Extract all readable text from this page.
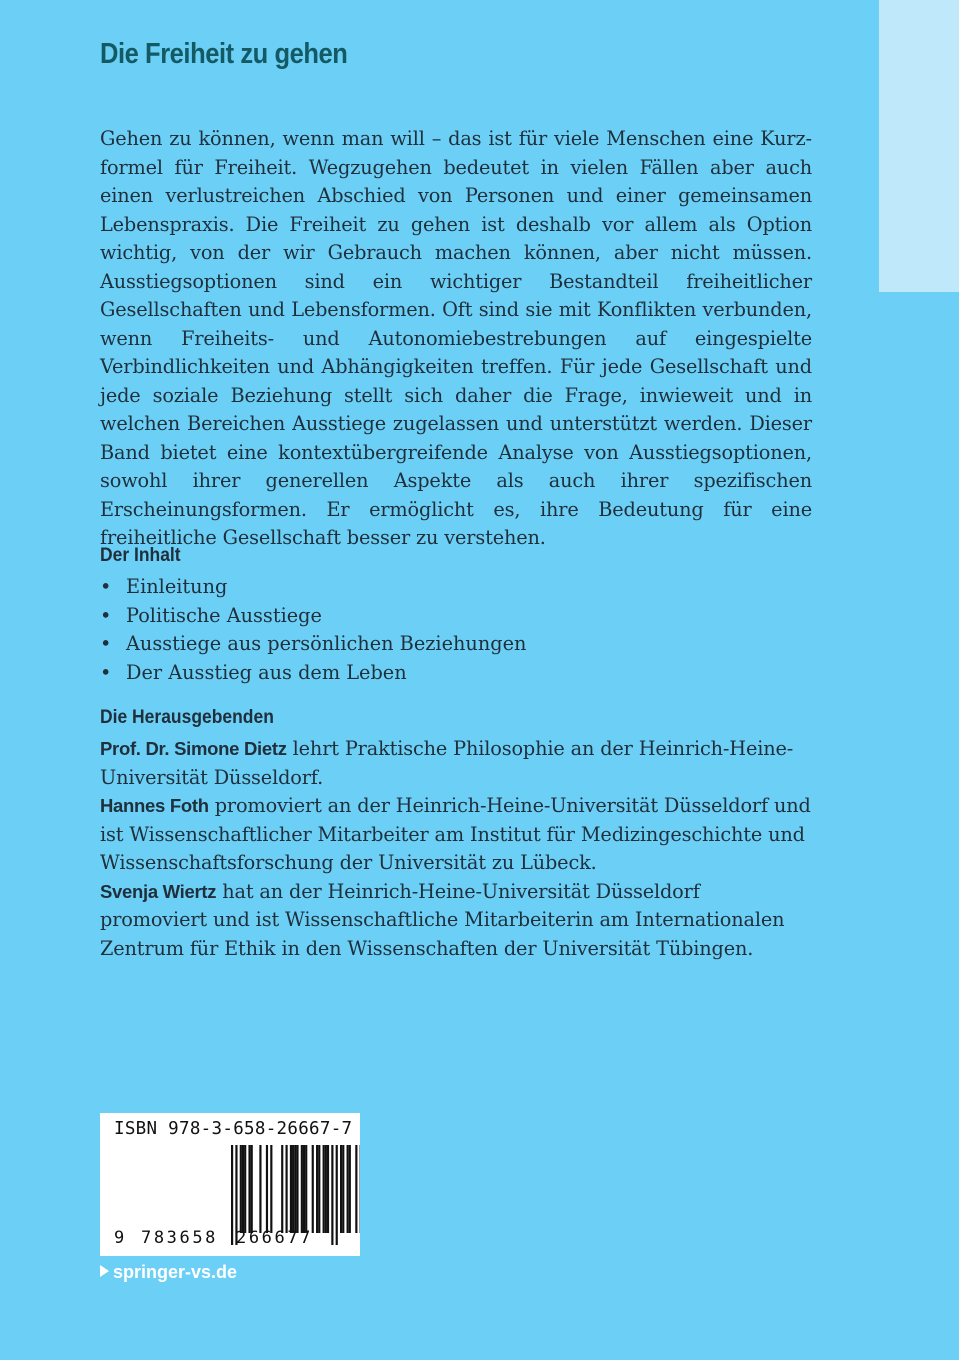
Die Freiheit zu gehen

Gehen zu können, wenn man will – das ist für viele Menschen eine Kurzformel für Freiheit. Wegzugehen bedeutet in vielen Fällen aber auch einen verlustreichen Abschied von Personen und einer gemeinsamen Lebenspraxis. Die Freiheit zu gehen ist deshalb vor allem als Option wichtig, von der wir Gebrauch machen können, aber nicht müssen. Ausstiegsoptionen sind ein wichtiger Bestandteil freiheitlicher Gesellschaften und Lebensformen. Oft sind sie mit Konflikten verbunden, wenn Freiheits- und Autonomiebestrebungen auf eingespielte Verbindlichkeiten und Abhängigkeiten treffen. Für jede Gesellschaft und jede soziale Beziehung stellt sich daher die Frage, inwieweit und in welchen Bereichen Ausstiege zugelassen und unterstützt werden. Dieser Band bietet eine kontextübergreifende Analyse von Ausstiegsoptionen, sowohl ihrer generellen Aspekte als auch ihrer spezifischen Erscheinungsformen. Er ermöglicht es, ihre Bedeutung für eine freiheitliche Gesellschaft besser zu verstehen.

Der Inhalt
• Einleitung
• Politische Ausstiege
• Ausstiege aus persönlichen Beziehungen
• Der Ausstieg aus dem Leben
Die Herausgebenden

Prof. Dr. Simone Dietz lehrt Praktische Philosophie an der Heinrich-Heine-Universität Düsseldorf.

Hannes Foth promoviert an der Heinrich-Heine-Universität Düsseldorf und ist Wissenschaftlicher Mitarbeiter am Institut für Medizingeschichte und Wissenschaftsforschung der Universität zu Lübeck.

Svenja Wiertz hat an der Heinrich-Heine-Universität Düsseldorf promoviert und ist Wissenschaftliche Mitarbeiterin am Internationalen Zentrum für Ethik in den Wissenschaften der Universität Tübingen.

ISBN 978-3-658-26667-7
9 783658 266677
springer-vs.de
